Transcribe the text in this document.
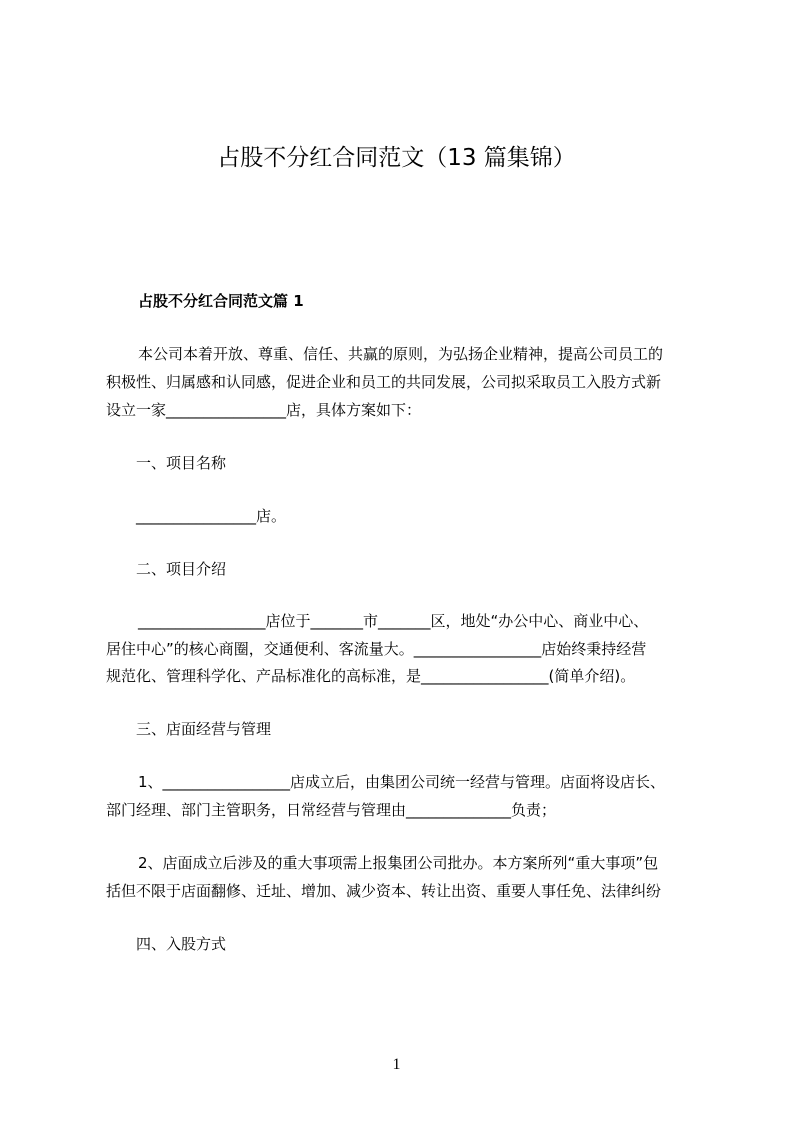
占股不分红合同范文（13 篇集锦）
占股不分红合同范文篇 1
本公司本着开放、尊重、信任、共赢的原则，为弘扬企业精神，提高公司员工的
积极性、归属感和认同感，促进企业和员工的共同发展，公司拟采取员工入股方式新
设立一家________________店，具体方案如下：
一、项目名称
________________店。
二、项目介绍
_________________店位于_______市_______区，地处“办公中心、商业中心、
居住中心”的核心商圈，交通便利、客流量大。_________________店始终秉持经营
规范化、管理科学化、产品标准化的高标准，是_________________(简单介绍)。
三、店面经营与管理
1、_________________店成立后，由集团公司统一经营与管理。店面将设店长、
部门经理、部门主管职务，日常经营与管理由______________负责；
2、店面成立后涉及的重大事项需上报集团公司批办。本方案所列“重大事项”包
括但不限于店面翻修、迁址、增加、减少资本、转让出资、重要人事任免、法律纠纷
四、入股方式
1
